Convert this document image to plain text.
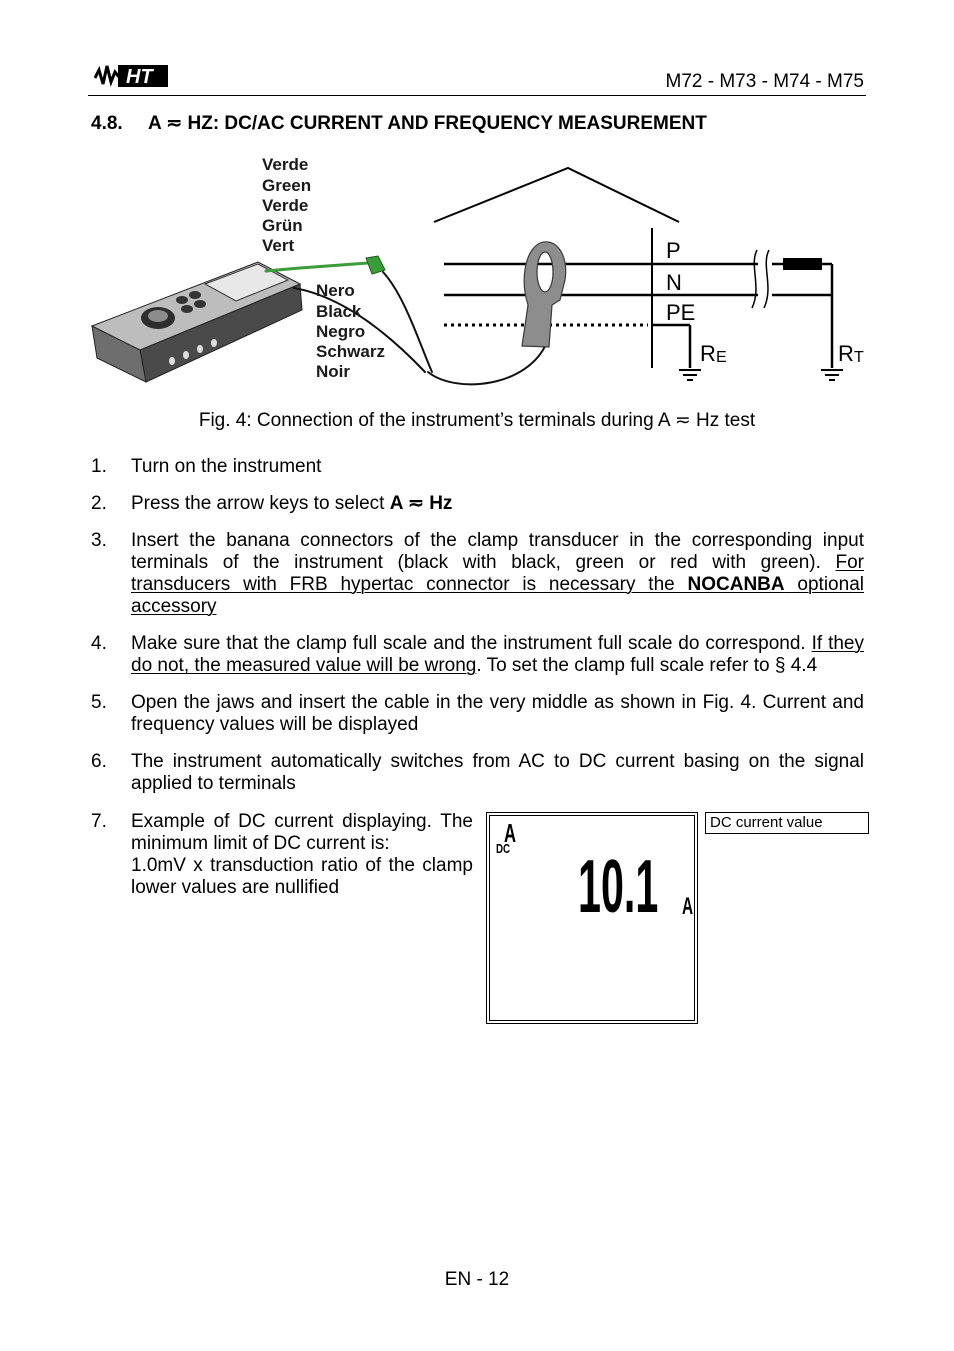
HT	M72 - M73 - M74 - M75
4.8. A ≂ HZ: DC/AC CURRENT AND FREQUENCY MEASUREMENT
P
N
PE
R E	R T
Verde
Green
Verde
Grün
Vert
Nero
Black
Negro
Schwarz
Noir
Fig. 4: Connection of the instrument’s terminals during A ≂ Hz test
1. Turn on the instrument
2. Press the arrow keys to select A ≂ Hz
3. Insert the banana connectors of the clamp transducer in the corresponding input
terminals of the instrument (black with black, green or red with green). For
transducers with FRB hypertac connector is necessary the NOCANBA optional
accessory
4. Make sure that the clamp full scale and the instrument full scale do correspond. If they
do not, the measured value will be wrong. To set the clamp full scale refer to § 4.4
5. Open the jaws and insert the cable in the very middle as shown in Fig. 4. Current and
frequency values will be displayed
6. The instrument automatically switches from AC to DC current basing on the signal
applied to terminals
7. Example of DC current displaying. The
minimum limit of DC current is:
1.0mV x transduction ratio of the clamp
lower values are nullified
A
DC 10.1 A
DC current value
EN - 12
